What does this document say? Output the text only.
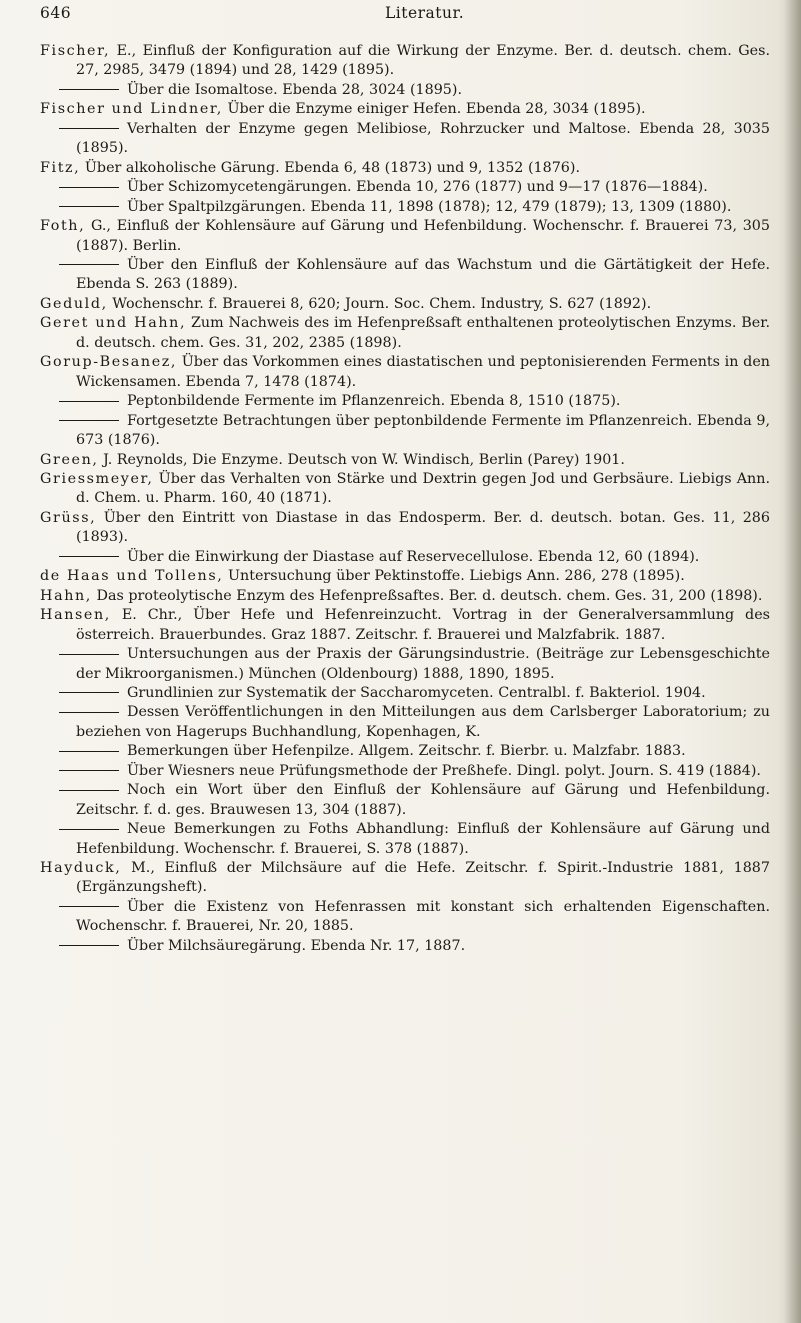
646	Literatur.
Fischer, E., Einfluß der Konfiguration auf die Wirkung der Enzyme. Ber. d. deutsch. chem. Ges. 27, 2985, 3479 (1894) und 28, 1429 (1895).
Über die Isomaltose. Ebenda 28, 3024 (1895).
Fischer und Lindner, Über die Enzyme einiger Hefen. Ebenda 28, 3034 (1895).
Verhalten der Enzyme gegen Melibiose, Rohrzucker und Maltose. Ebenda 28, 3035 (1895).
Fitz, Über alkoholische Gärung. Ebenda 6, 48 (1873) und 9, 1352 (1876).
Über Schizomycetengärungen. Ebenda 10, 276 (1877) und 9—17 (1876—1884).
Über Spaltpilzgärungen. Ebenda 11, 1898 (1878); 12, 479 (1879); 13, 1309 (1880).
Foth, G., Einfluß der Kohlensäure auf Gärung und Hefenbildung. Wochenschr. f. Brauerei 73, 305 (1887). Berlin.
Über den Einfluß der Kohlensäure auf das Wachstum und die Gärtätigkeit der Hefe. Ebenda S. 263 (1889).
Geduld, Wochenschr. f. Brauerei 8, 620; Journ. Soc. Chem. Industry, S. 627 (1892).
Geret und Hahn, Zum Nachweis des im Hefenpreßsaft enthaltenen proteolytischen Enzyms. Ber. d. deutsch. chem. Ges. 31, 202, 2385 (1898).
Gorup-Besanez, Über das Vorkommen eines diastatischen und peptonisierenden Ferments in den Wickensamen. Ebenda 7, 1478 (1874).
Peptonbildende Fermente im Pflanzenreich. Ebenda 8, 1510 (1875).
Fortgesetzte Betrachtungen über peptonbildende Fermente im Pflanzenreich. Ebenda 9, 673 (1876).
Green, J. Reynolds, Die Enzyme. Deutsch von W. Windisch, Berlin (Parey) 1901.
Griessmeyer, Über das Verhalten von Stärke und Dextrin gegen Jod und Gerbsäure. Liebigs Ann. d. Chem. u. Pharm. 160, 40 (1871).
Grüss, Über den Eintritt von Diastase in das Endosperm. Ber. d. deutsch. botan. Ges. 11, 286 (1893).
Über die Einwirkung der Diastase auf Reservecellulose. Ebenda 12, 60 (1894).
de Haas und Tollens, Untersuchung über Pektinstoffe. Liebigs Ann. 286, 278 (1895).
Hahn, Das proteolytische Enzym des Hefenpreßsaftes. Ber. d. deutsch. chem. Ges. 31, 200 (1898).
Hansen, E. Chr., Über Hefe und Hefenreinzucht. Vortrag in der Generalversammlung des österreich. Brauerbundes. Graz 1887. Zeitschr. f. Brauerei und Malzfabrik. 1887.
Untersuchungen aus der Praxis der Gärungsindustrie. (Beiträge zur Lebensgeschichte der Mikroorganismen.) München (Oldenbourg) 1888, 1890, 1895.
Grundlinien zur Systematik der Saccharomyceten. Centralbl. f. Bakteriol. 1904.
Dessen Veröffentlichungen in den Mitteilungen aus dem Carlsberger Laboratorium; zu beziehen von Hagerups Buchhandlung, Kopenhagen, K.
Bemerkungen über Hefenpilze. Allgem. Zeitschr. f. Bierbr. u. Malzfabr. 1883.
Über Wiesners neue Prüfungsmethode der Preßhefe. Dingl. polyt. Journ. S. 419 (1884).
Noch ein Wort über den Einfluß der Kohlensäure auf Gärung und Hefenbildung. Zeitschr. f. d. ges. Brauwesen 13, 304 (1887).
Neue Bemerkungen zu Foths Abhandlung: Einfluß der Kohlensäure auf Gärung und Hefenbildung. Wochenschr. f. Brauerei, S. 378 (1887).
Hayduck, M., Einfluß der Milchsäure auf die Hefe. Zeitschr. f. Spirit.-Industrie 1881, 1887 (Ergänzungsheft).
Über die Existenz von Hefenrassen mit konstant sich erhaltenden Eigenschaften. Wochenschr. f. Brauerei, Nr. 20, 1885.
Über Milchsäuregärung. Ebenda Nr. 17, 1887.
